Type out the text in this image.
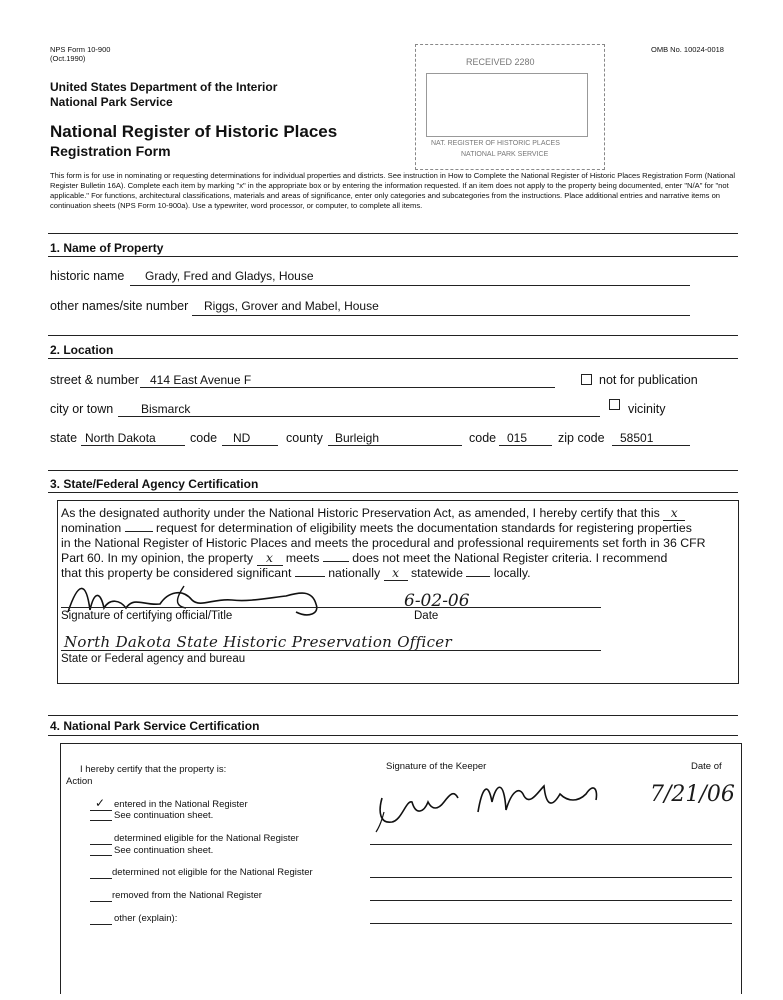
NPS Form 10-900
(Oct.1990)
OMB No. 10024-0018
United States Department of the Interior
National Park Service
National Register of Historic Places
Registration Form
RECEIVED 2280
NAT. REGISTER OF HISTORIC PLACES
NATIONAL PARK SERVICE
This form is for use in nominating or requesting determinations for individual properties and districts. See instruction in How to Complete the National Register of Historic Places Registration Form (National Register Bulletin 16A). Complete each item by marking "x" in the appropriate box or by entering the information requested. If an item does not apply to the property being documented, enter "N/A" for "not applicable." For functions, architectural classifications, materials and areas of significance, enter only categories and subcategories from the instructions. Place additional entries and narrative items on continuation sheets (NPS Form 10-900a). Use a typewriter, word processor, or computer, to complete all items.
1. Name of Property
historic name Grady, Fred and Gladys, House
other names/site number Riggs, Grover and Mabel, House
2. Location
street & number 414 East Avenue F	not for publication
city or town Bismarck	vicinity
state North Dakota	code ND	county Burleigh	code 015 zip code 58501
3. State/Federal Agency Certification
As the designated authority under the National Historic Preservation Act, as amended, I hereby certify that this x
nomination	request for determination of eligibility meets the documentation standards for registering properties
in the National Register of Historic Places and meets the procedural and professional requirements set forth in 36 CFR
Part 60. In my opinion, the property x meets	does not meet the National Register criteria. I recommend
that this property be considered significant	nationally x statewide	locally.
6-02-06
Signature of certifying official/Title	Date
North Dakota State Historic Preservation Officer
State or Federal agency and bureau
4. National Park Service Certification
I hereby certify that the property is:
Action
Signature of the Keeper	Date of
7/21/06
✓ entered in the National Register
See continuation sheet.
determined eligible for the National Register
See continuation sheet.
determined not eligible for the National Register
removed from the National Register
other (explain):
